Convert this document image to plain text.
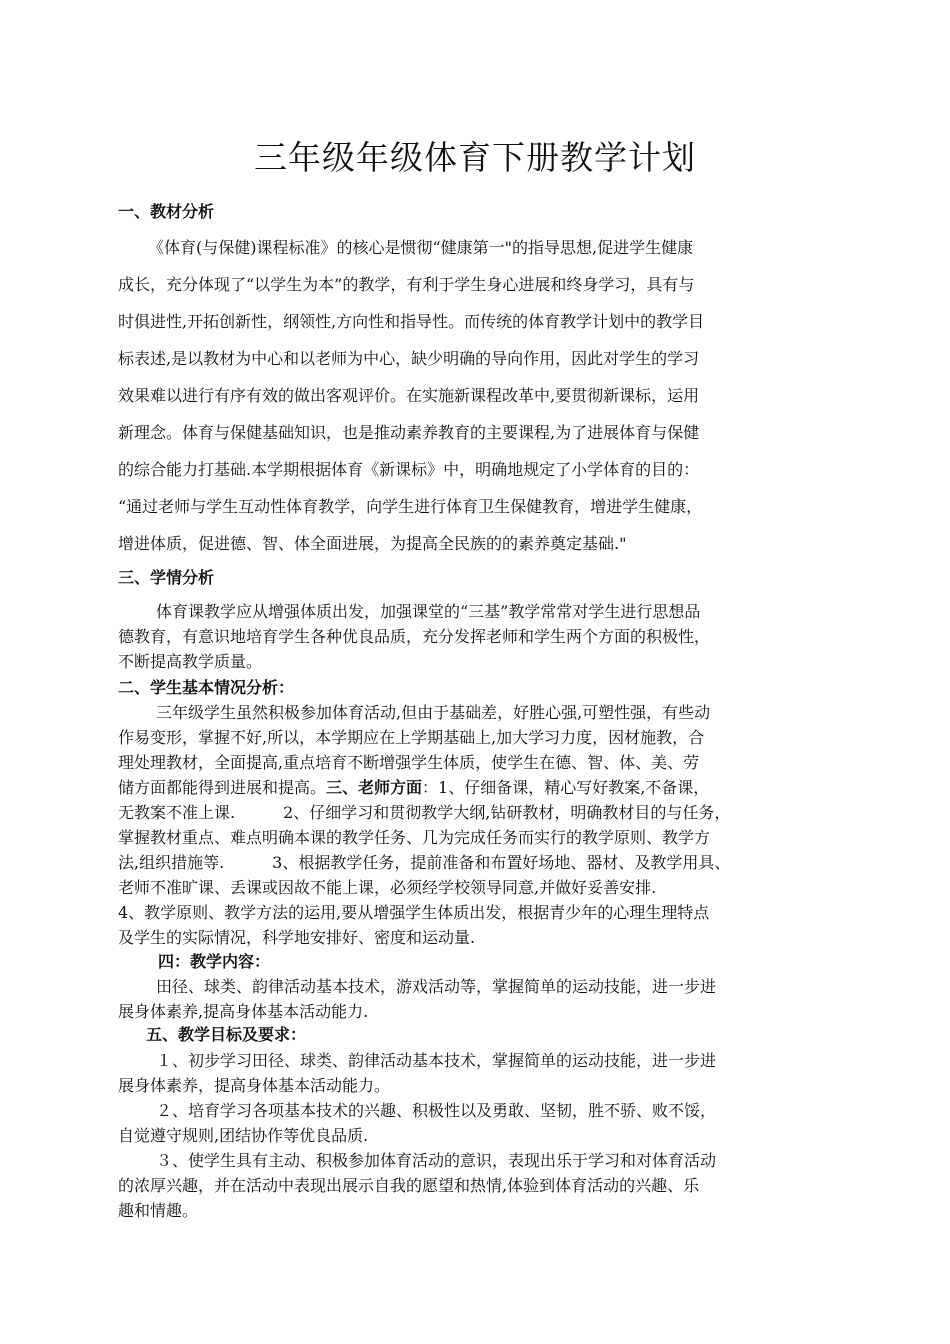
三年级年级体育下册教学计划
一、教材分析
《体育(与保健)课程标准》的核心是惯彻“健康第一"的指导思想,促进学生健康
成长，充分体现了“以学生为本”的教学，有利于学生身心进展和终身学习，具有与
时俱进性,开拓创新性，纲领性,方向性和指导性。而传统的体育教学计划中的教学目
标表述,是以教材为中心和以老师为中心，缺少明确的导向作用，因此对学生的学习
效果难以进行有序有效的做出客观评价。在实施新课程改革中,要贯彻新课标，运用
新理念。体育与保健基础知识，也是推动素养教育的主要课程,为了进展体育与保健
的综合能力打基础.本学期根据体育《新课标》中，明确地规定了小学体育的目的：
“通过老师与学生互动性体育教学，向学生进行体育卫生保健教育，增进学生健康，
增进体质，促进德、智、体全面进展，为提高全民族的的素养奠定基础."
三、学情分析
体育课教学应从增强体质出发，加强课堂的“三基”教学常常对学生进行思想品
德教育，有意识地培育学生各种优良品质，充分发挥老师和学生两个方面的积极性，
不断提高教学质量。
二、学生基本情况分析：
三年级学生虽然积极参加体育活动,但由于基础差，好胜心强,可塑性强，有些动
作易变形，掌握不好,所以，本学期应在上学期基础上,加大学习力度，因材施教，合
理处理教材，全面提高,重点培育不断增强学生体质，使学生在德、智、体、美、劳
储方面都能得到进展和提高。三、老师方面：1、仔细备课，精心写好教案,不备课，
无教案不准上课.　　　2、仔细学习和贯彻教学大纲,钻研教材，明确教材目的与任务，
掌握教材重点、难点明确本课的教学任务、几为完成任务而实行的教学原则、教学方
法,组织措施等.　　　3、根据教学任务，提前准备和布置好场地、器材、及教学用具、
老师不准旷课、丢课或因故不能上课，必须经学校领导同意,并做好妥善安排.
4、教学原则、教学方法的运用,要从增强学生体质出发，根据青少年的心理生理特点
及学生的实际情况，科学地安排好、密度和运动量.
四：教学内容：
田径、球类、韵律活动基本技术，游戏活动等，掌握简单的运动技能，进一步进
展身体素养,提高身体基本活动能力.
五、教学目标及要求：
１、初步学习田径、球类、韵律活动基本技术，掌握简单的运动技能，进一步进
展身体素养，提高身体基本活动能力。
２、培育学习各项基本技术的兴趣、积极性以及勇敢、坚韧，胜不骄、败不馁，
自觉遵守规则,团结协作等优良品质.
３、使学生具有主动、积极参加体育活动的意识，表现出乐于学习和对体育活动
的浓厚兴趣，并在活动中表现出展示自我的愿望和热情,体验到体育活动的兴趣、乐
趣和情趣。
